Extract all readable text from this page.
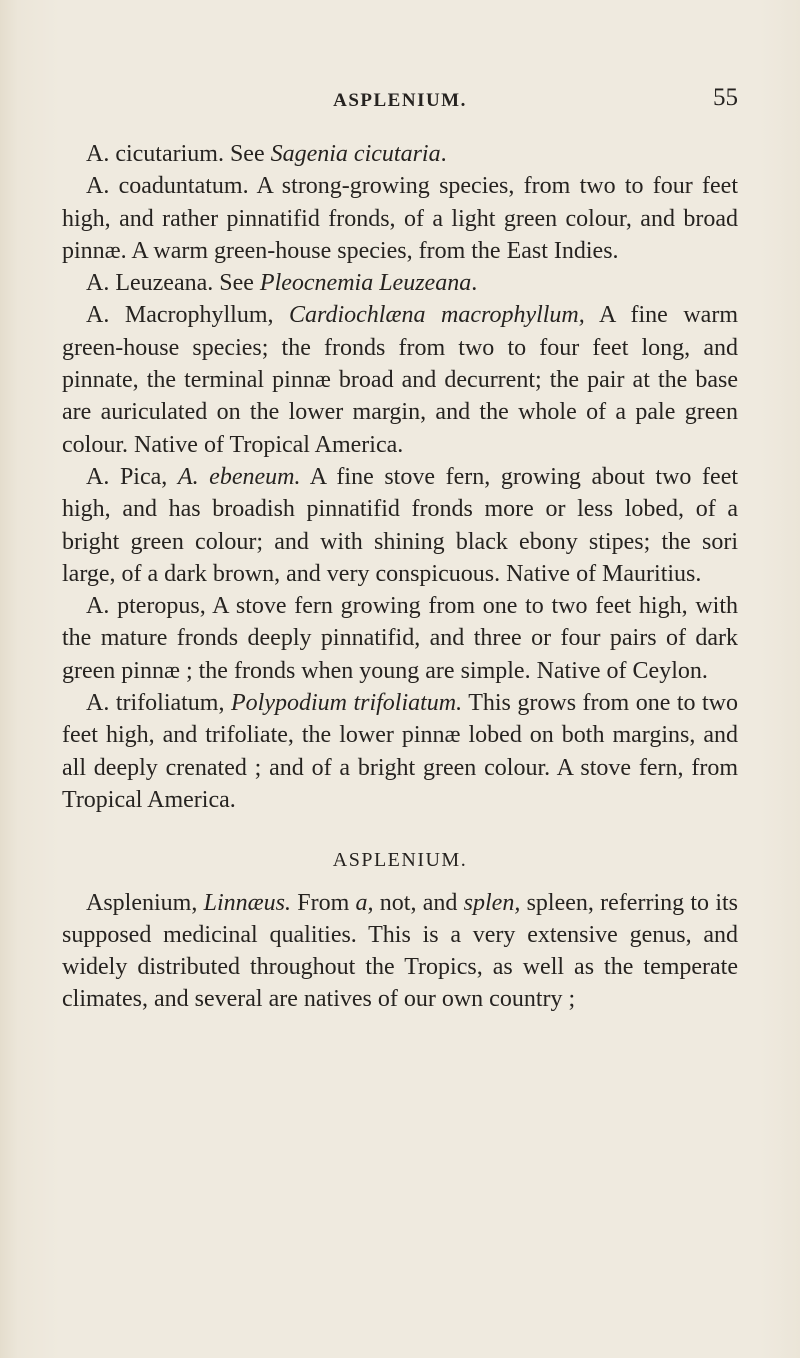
ASPLENIUM.	55

A. cicutarium. See Sagenia cicutaria.

A. coaduntatum. A strong-growing species, from two to four feet high, and rather pinnatifid fronds, of a light green colour, and broad pinnæ. A warm green-house species, from the East Indies.

A. Leuzeana. See Pleocnemia Leuzeana.

A. Macrophyllum, Cardiochlæna macrophyllum, A fine warm green-house species; the fronds from two to four feet long, and pinnate, the terminal pinnæ broad and decurrent; the pair at the base are auriculated on the lower margin, and the whole of a pale green colour. Native of Tropical America.

A. Pica, A. ebeneum. A fine stove fern, growing about two feet high, and has broadish pinnatifid fronds more or less lobed, of a bright green colour; and with shining black ebony stipes; the sori large, of a dark brown, and very conspicuous. Native of Mauritius.

A. pteropus, A stove fern growing from one to two feet high, with the mature fronds deeply pinnatifid, and three or four pairs of dark green pinnæ ; the fronds when young are simple. Native of Ceylon.

A. trifoliatum, Polypodium trifoliatum. This grows from one to two feet high, and trifoliate, the lower pinnæ lobed on both margins, and all deeply crenated ; and of a bright green colour. A stove fern, from Tropical America.

ASPLENIUM.

Asplenium, Linnæus. From a, not, and splen, spleen, referring to its supposed medicinal qualities. This is a very extensive genus, and widely distributed throughout the Tropics, as well as the temperate climates, and several are natives of our own country ;
